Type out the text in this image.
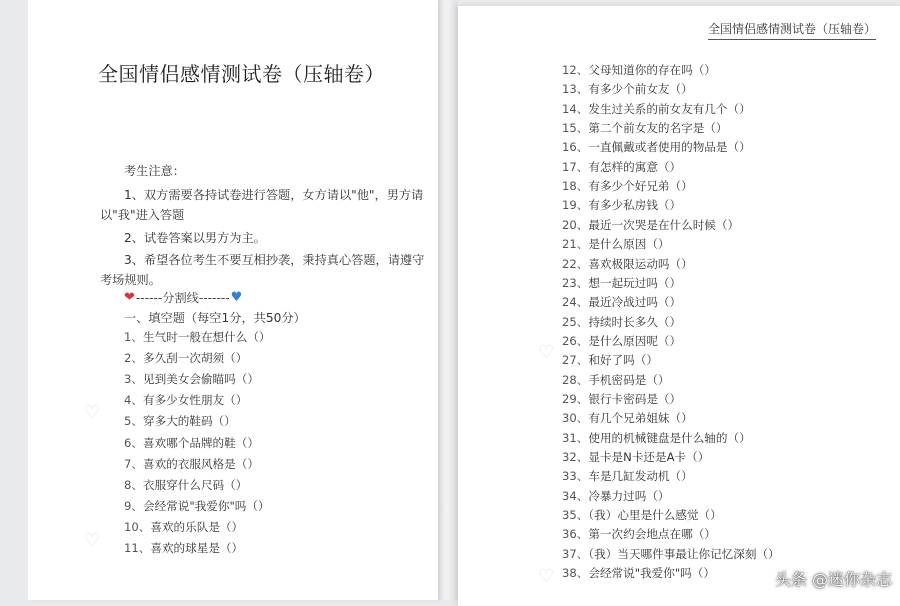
全国情侣感情测试卷（压轴卷）
考生注意：
1、双方需要各持试卷进行答题，女方请以"他"，男方请
以"我"进入答题
2、试卷答案以男方为主。
3、希望各位考生不要互相抄袭，秉持真心答题，请遵守
考场规则。
❤ ------分割线------- ♥
一、填空题（每空1分，共50分）
1、生气时一般在想什么（）
2、多久刮一次胡须（）
3、见到美女会偷瞄吗（）
4、有多少女性朋友（）
5、穿多大的鞋码（）
6、喜欢哪个品牌的鞋（）
7、喜欢的衣服风格是（）
8、衣服穿什么尺码（）
9、会经常说"我爱你"吗（）
10、喜欢的乐队是（）
11、喜欢的球星是（）
♡
♡
全国情侣感情测试卷（压轴卷）
12、父母知道你的存在吗（）
13、有多少个前女友（）
14、发生过关系的前女友有几个（）
15、第二个前女友的名字是（）
16、一直佩戴或者使用的物品是（）
17、有怎样的寓意（）
18、有多少个好兄弟（）
19、有多少私房钱（）
20、最近一次哭是在什么时候（）
21、是什么原因（）
22、喜欢极限运动吗（）
23、想一起玩过吗（）
24、最近冷战过吗（）
25、持续时长多久（）
26、是什么原因呢（）
27、和好了吗（）
28、手机密码是（）
29、银行卡密码是（）
30、有几个兄弟姐妹（）
31、使用的机械键盘是什么轴的（）
32、显卡是N卡还是A卡（）
33、车是几缸发动机（）
34、冷暴力过吗（）
35、（我）心里是什么感觉（）
36、第一次约会地点在哪（）
37、（我）当天哪件事最让你记忆深刻（）
38、会经常说"我爱你"吗（）
♡
♡	头条 @迷你杂志
